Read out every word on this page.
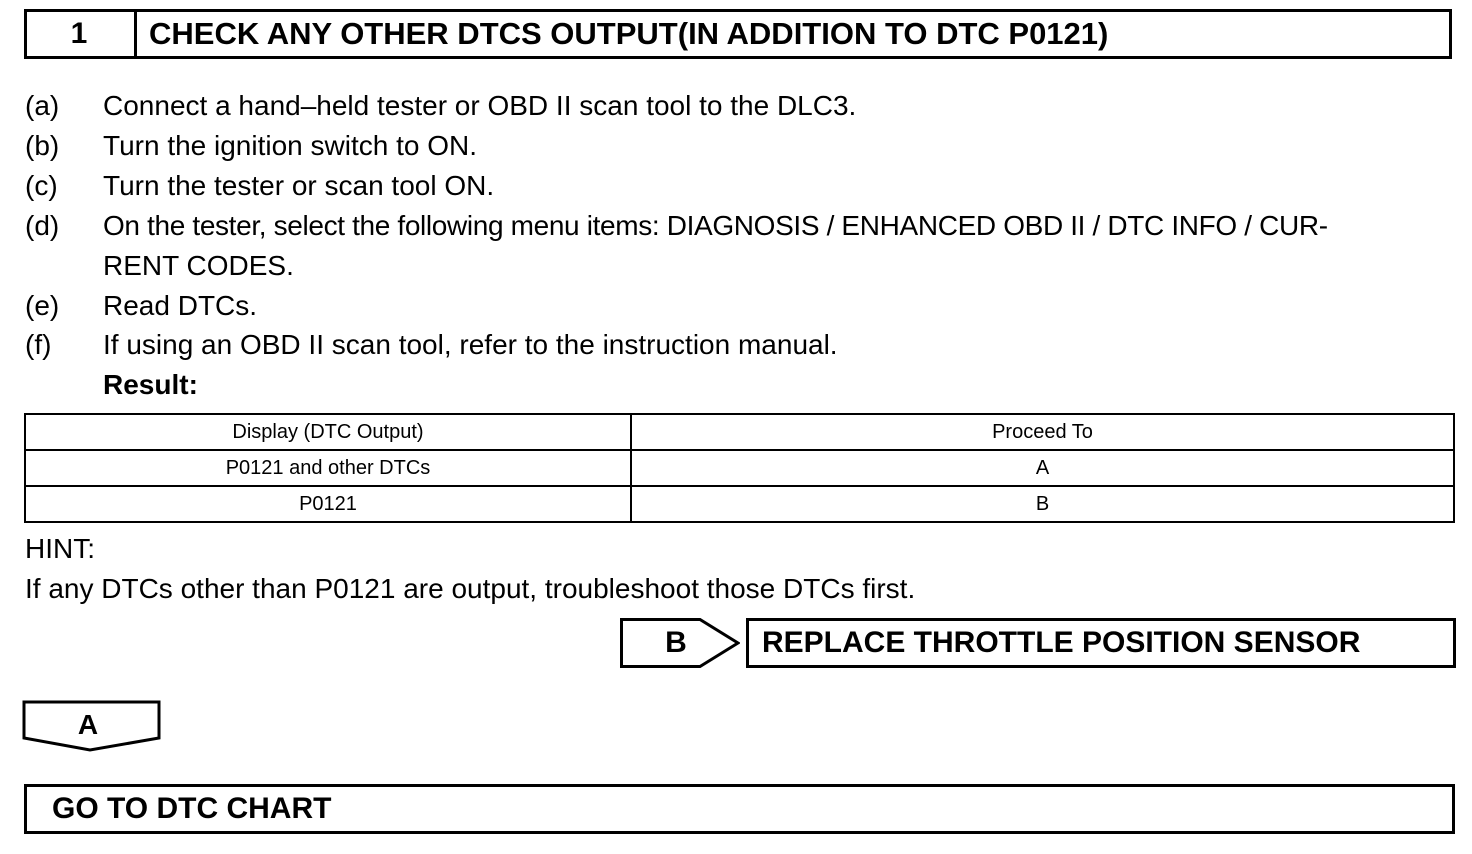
1	CHECK ANY OTHER DTCS OUTPUT(IN ADDITION TO DTC P0121)
(a) Connect a hand–held tester or OBD II scan tool to the DLC3.
(b) Turn the ignition switch to ON.
(c) Turn the tester or scan tool ON.
(d) On the tester, select the following menu items: DIAGNOSIS / ENHANCED OBD II / DTC INFO / CUR-
RENT CODES.
(e) Read DTCs.
(f) If using an OBD II scan tool, refer to the instruction manual.
Result:
Display (DTC Output)	Proceed To
P0121 and other DTCs	A
P0121	B
HINT:
If any DTCs other than P0121 are output, troubleshoot those DTCs first.
B	REPLACE THROTTLE POSITION SENSOR
A
GO TO DTC CHART
